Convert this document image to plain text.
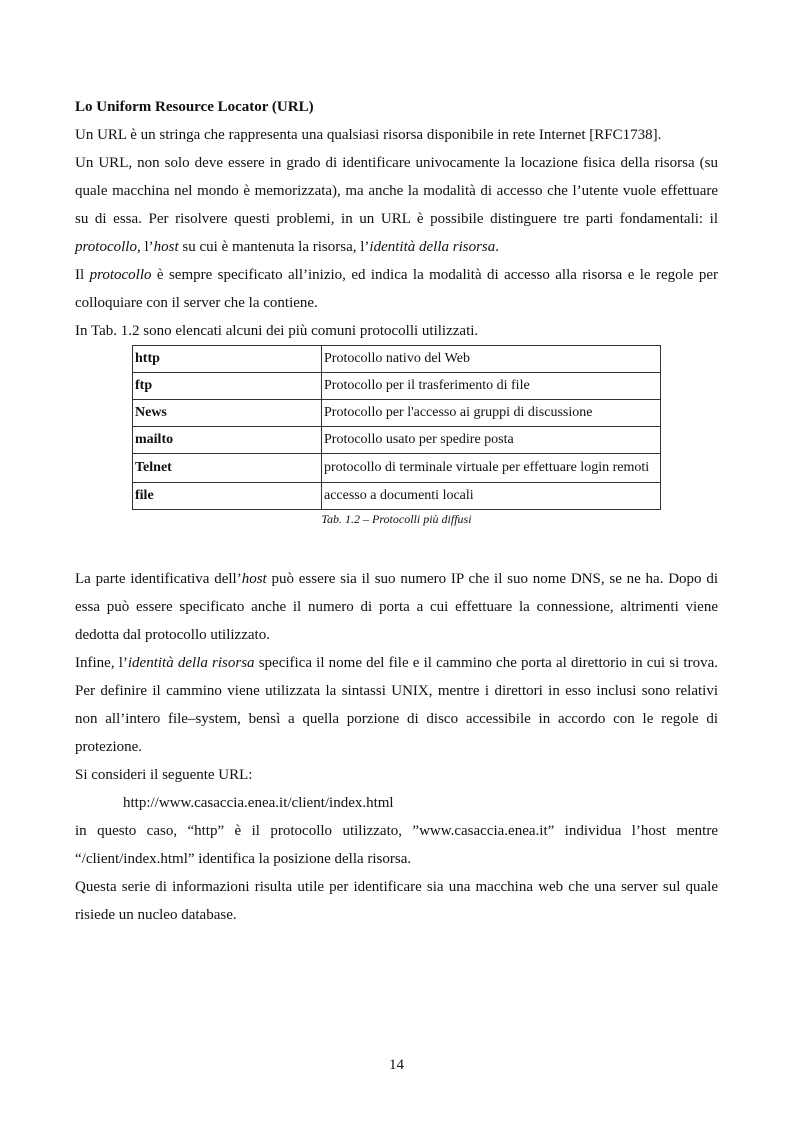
Lo Uniform Resource Locator (URL)

Un URL è un stringa che rappresenta una qualsiasi risorsa disponibile in rete Internet [RFC1738].

Un URL, non solo deve essere in grado di identificare univocamente la locazione fisica della risorsa (su quale macchina nel mondo è memorizzata), ma anche la modalità di accesso che l’utente vuole effettuare su di essa. Per risolvere questi problemi, in un URL è possibile distinguere tre parti fondamentali: il protocollo, l’host su cui è mantenuta la risorsa, l’identità della risorsa.

Il protocollo è sempre specificato all’inizio, ed indica la modalità di accesso alla risorsa e le regole per colloquiare con il server che la contiene.

In Tab. 1.2 sono elencati alcuni dei più comuni protocolli utilizzati.

http	Protocollo nativo del Web
ftp	Protocollo per il trasferimento di file
News	Protocollo per l'accesso ai gruppi di discussione
mailto	Protocollo usato per spedire posta
Telnet	protocollo di terminale virtuale per effettuare login remoti
file	accesso a documenti locali

Tab. 1.2 – Protocolli più diffusi

La parte identificativa dell’host può essere sia il suo numero IP che il suo nome DNS, se ne ha. Dopo di essa può essere specificato anche il numero di porta a cui effettuare la connessione, altrimenti viene dedotta dal protocollo utilizzato.

Infine, l’identità della risorsa specifica il nome del file e il cammino che porta al direttorio in cui si trova. Per definire il cammino viene utilizzata la sintassi UNIX, mentre i direttori in esso inclusi sono relativi non all’intero file–system, bensì a quella porzione di disco accessibile in accordo con le regole di protezione.

Si consideri il seguente URL:

http://www.casaccia.enea.it/client/index.html

in questo caso, “http” è il protocollo utilizzato, ”www.casaccia.enea.it” individua l’host mentre “/client/index.html” identifica la posizione della risorsa.

Questa serie di informazioni risulta utile per identificare sia una macchina web che una server sul quale risiede un nucleo database.

14
